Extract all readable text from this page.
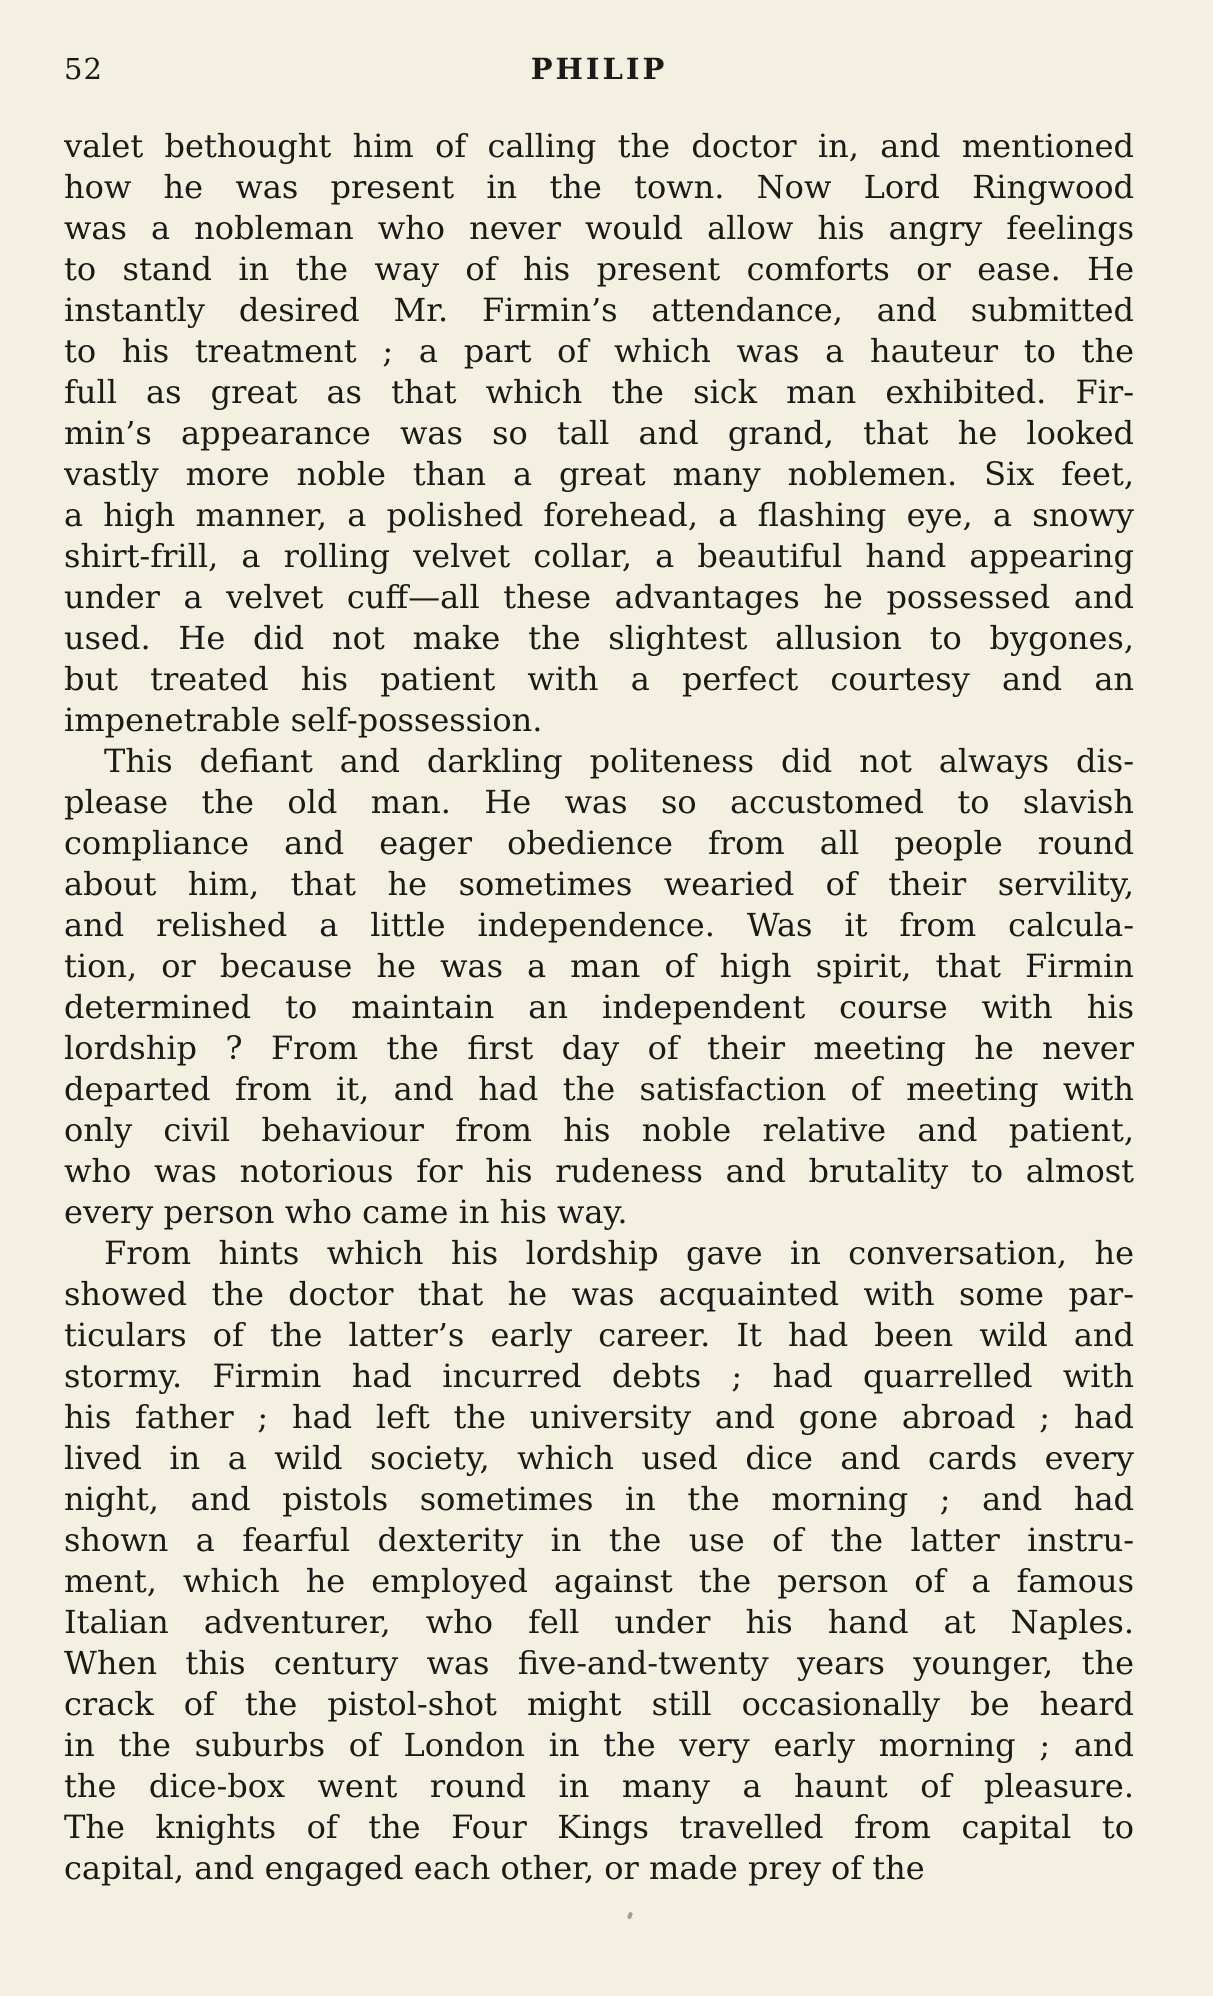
52	PHILIP
valet bethought him of calling the doctor in, and mentioned
how he was present in the town. Now Lord Ringwood
was a nobleman who never would allow his angry feelings
to stand in the way of his present comforts or ease. He
instantly desired Mr. Firmin’s attendance, and submitted
to his treatment ; a part of which was a hauteur to the
full as great as that which the sick man exhibited. Fir-
min’s appearance was so tall and grand, that he looked
vastly more noble than a great many noblemen. Six feet,
a high manner, a polished forehead, a flashing eye, a snowy
shirt-frill, a rolling velvet collar, a beautiful hand appearing
under a velvet cuff—all these advantages he possessed and
used. He did not make the slightest allusion to bygones,
but treated his patient with a perfect courtesy and an
impenetrable self-possession.
This defiant and darkling politeness did not always dis-
please the old man. He was so accustomed to slavish
compliance and eager obedience from all people round
about him, that he sometimes wearied of their servility,
and relished a little independence. Was it from calcula-
tion, or because he was a man of high spirit, that Firmin
determined to maintain an independent course with his
lordship ? From the first day of their meeting he never
departed from it, and had the satisfaction of meeting with
only civil behaviour from his noble relative and patient,
who was notorious for his rudeness and brutality to almost
every person who came in his way.
From hints which his lordship gave in conversation, he
showed the doctor that he was acquainted with some par-
ticulars of the latter’s early career. It had been wild and
stormy. Firmin had incurred debts ; had quarrelled with
his father ; had left the university and gone abroad ; had
lived in a wild society, which used dice and cards every
night, and pistols sometimes in the morning ; and had
shown a fearful dexterity in the use of the latter instru-
ment, which he employed against the person of a famous
Italian adventurer, who fell under his hand at Naples.
When this century was five-and-twenty years younger, the
crack of the pistol-shot might still occasionally be heard
in the suburbs of London in the very early morning ; and
the dice-box went round in many a haunt of pleasure.
The knights of the Four Kings travelled from capital to
capital, and engaged each other, or made prey of the
